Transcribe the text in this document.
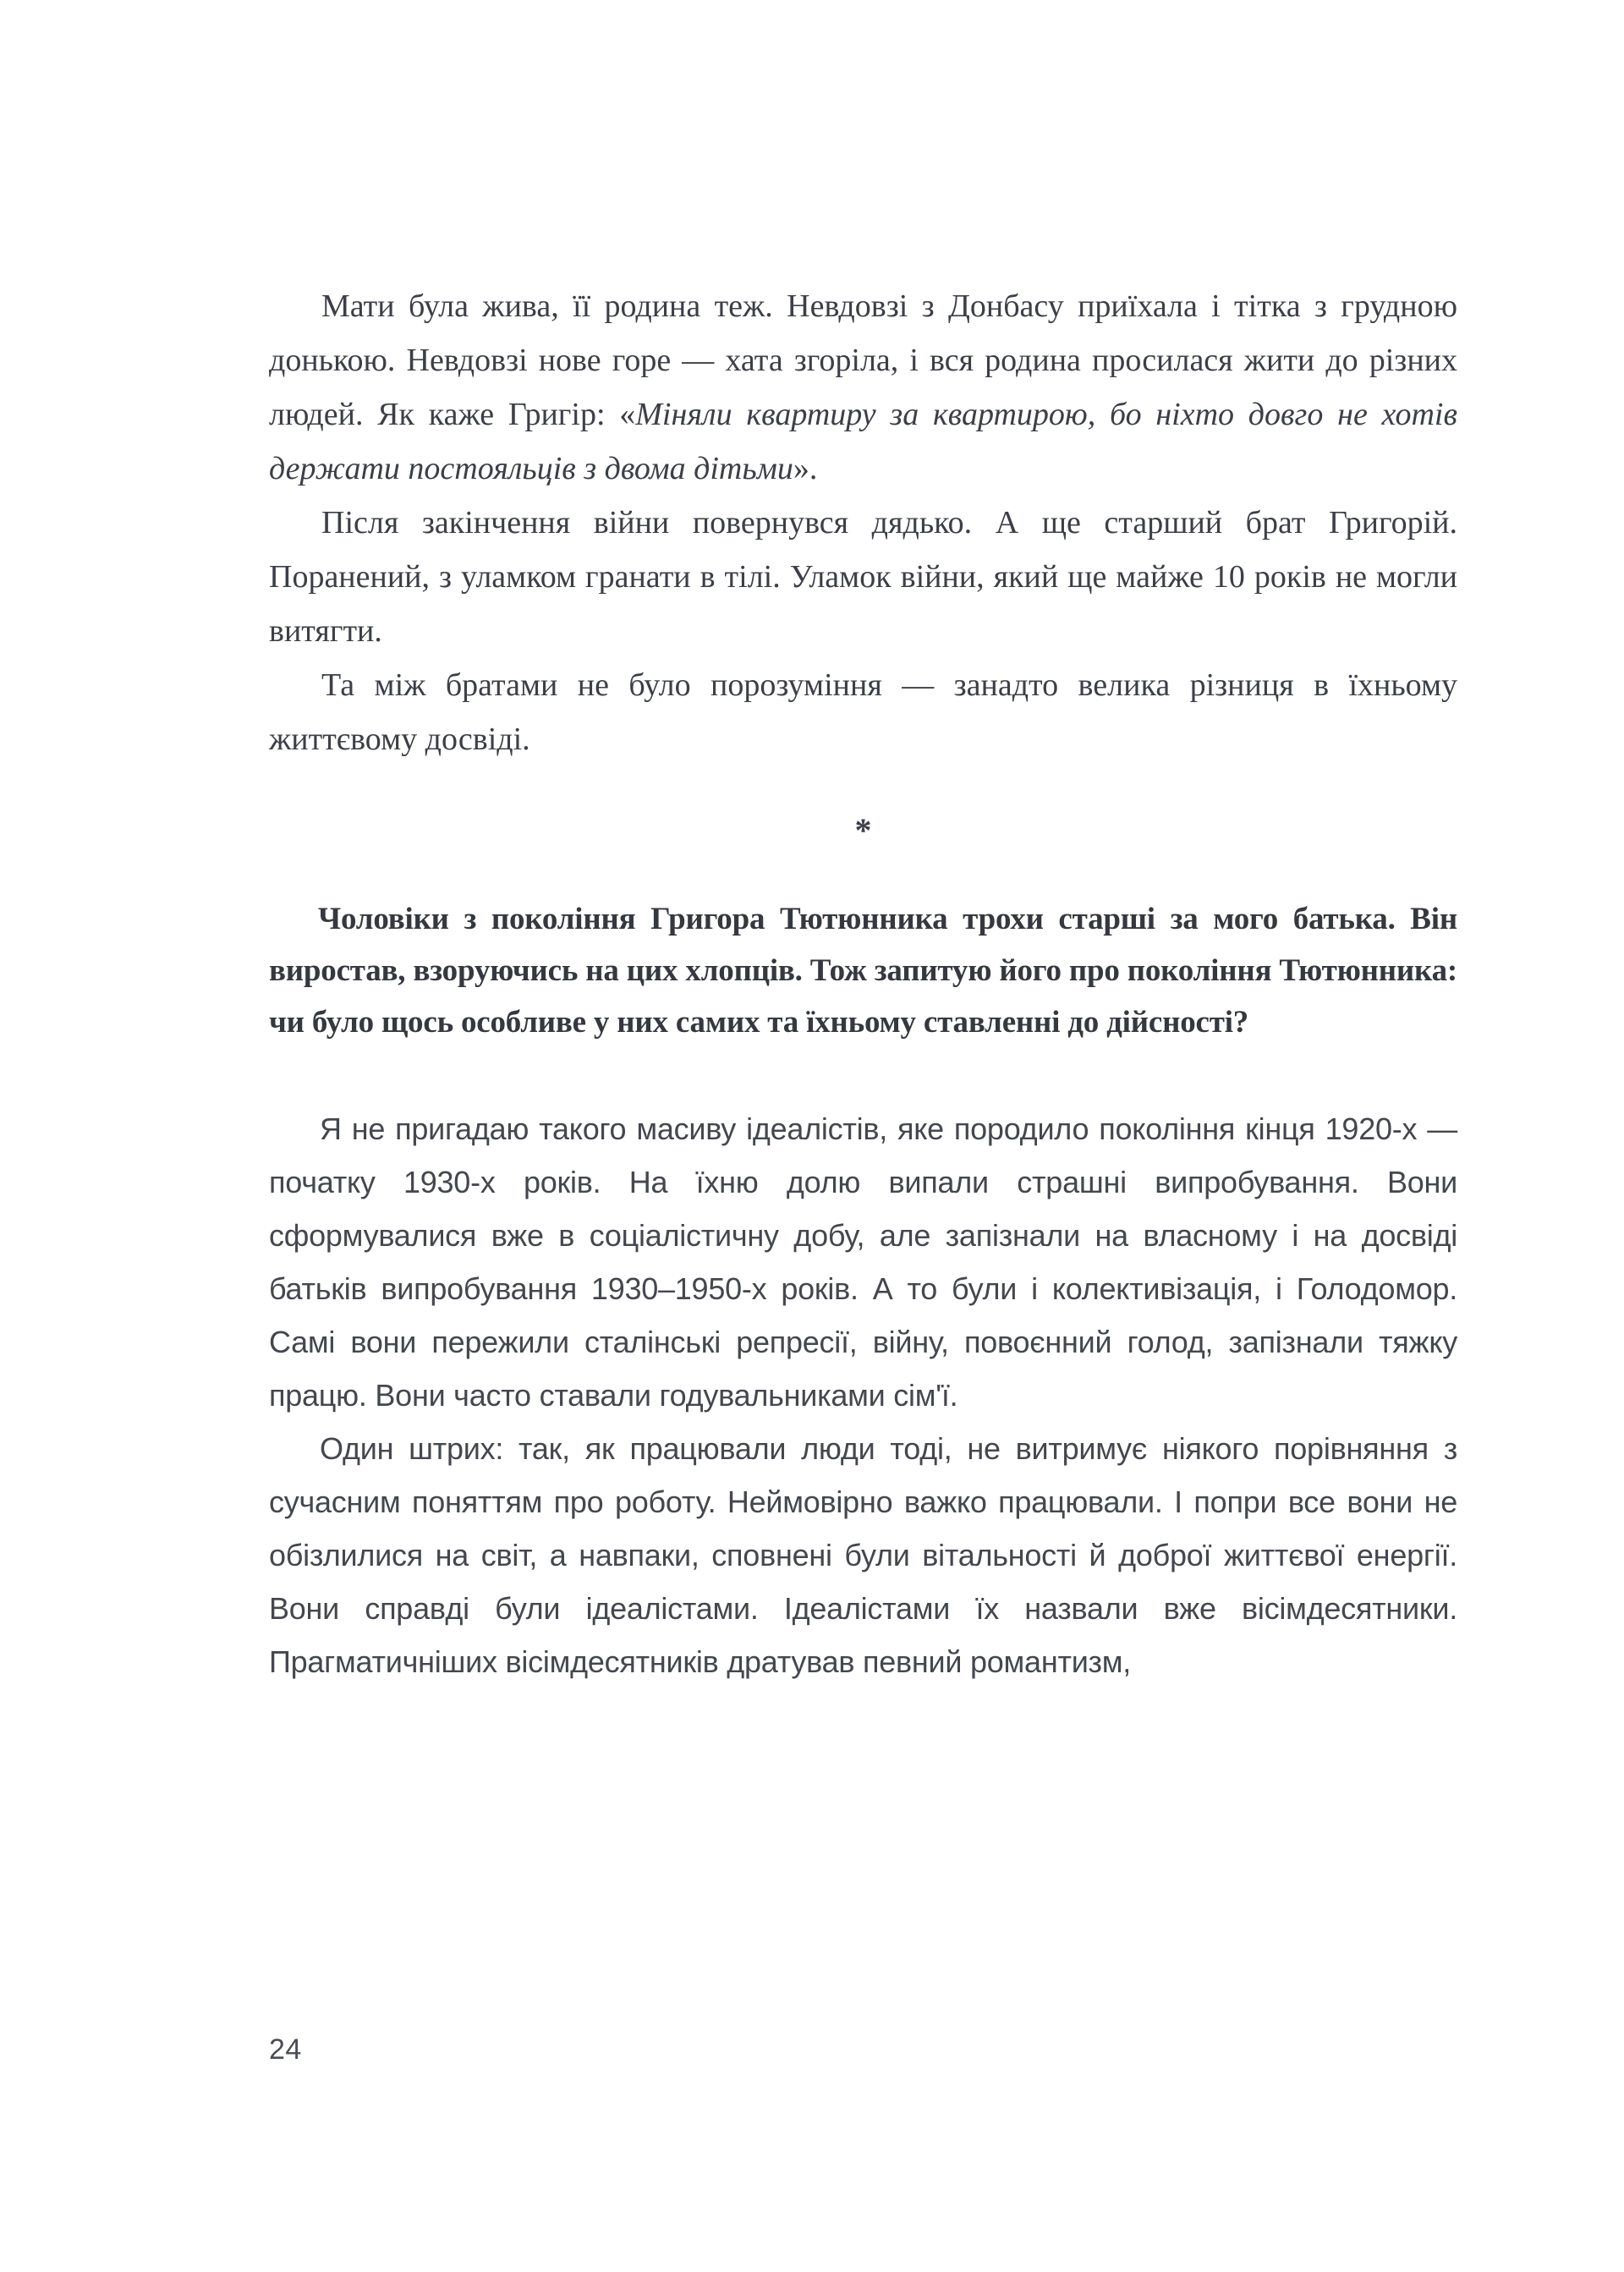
Мати була жива, її родина теж. Невдовзі з Донбасу приїхала і тітка з грудною донькою. Невдовзі нове горе — хата згоріла, і вся родина просилася жити до різних людей. Як каже Григір: «Міняли квартиру за квартирою, бо ніхто довго не хотів держати постояльців з двома дітьми».

Після закінчення війни повернувся дядько. А ще старший брат Григорій. Поранений, з уламком гранати в тілі. Уламок війни, який ще майже 10 років не могли витягти.

Та між братами не було порозуміння — занадто велика різниця в їхньому життєвому досвіді.

*

Чоловіки з покоління Григора Тютюнника трохи старші за мого батька. Він виростав, взоруючись на цих хлопців. Тож запитую його про покоління Тютюнника: чи було щось особливе у них самих та їхньому ставленні до дійсності?

Я не пригадаю такого масиву ідеалістів, яке породило покоління кінця 1920-х — початку 1930-х років. На їхню долю випали страшні випробування. Вони сформувалися вже в соціалістичну добу, але запізнали на власному і на досвіді батьків випробування 1930–1950-х років. А то були і колективізація, і Голодомор. Самі вони пережили сталінські репресії, війну, повоєнний голод, запізнали тяжку працю. Вони часто ставали годувальниками сім'ї.

Один штрих: так, як працювали люди тоді, не витримує ніякого порівняння з сучасним поняттям про роботу. Неймовірно важко працювали. І попри все вони не обізлилися на світ, а навпаки, сповнені були вітальності й доброї життєвої енергії. Вони справді були ідеалістами. Ідеалістами їх назвали вже вісімдесятники. Прагматичніших вісімдесятників дратував певний романтизм,

24
